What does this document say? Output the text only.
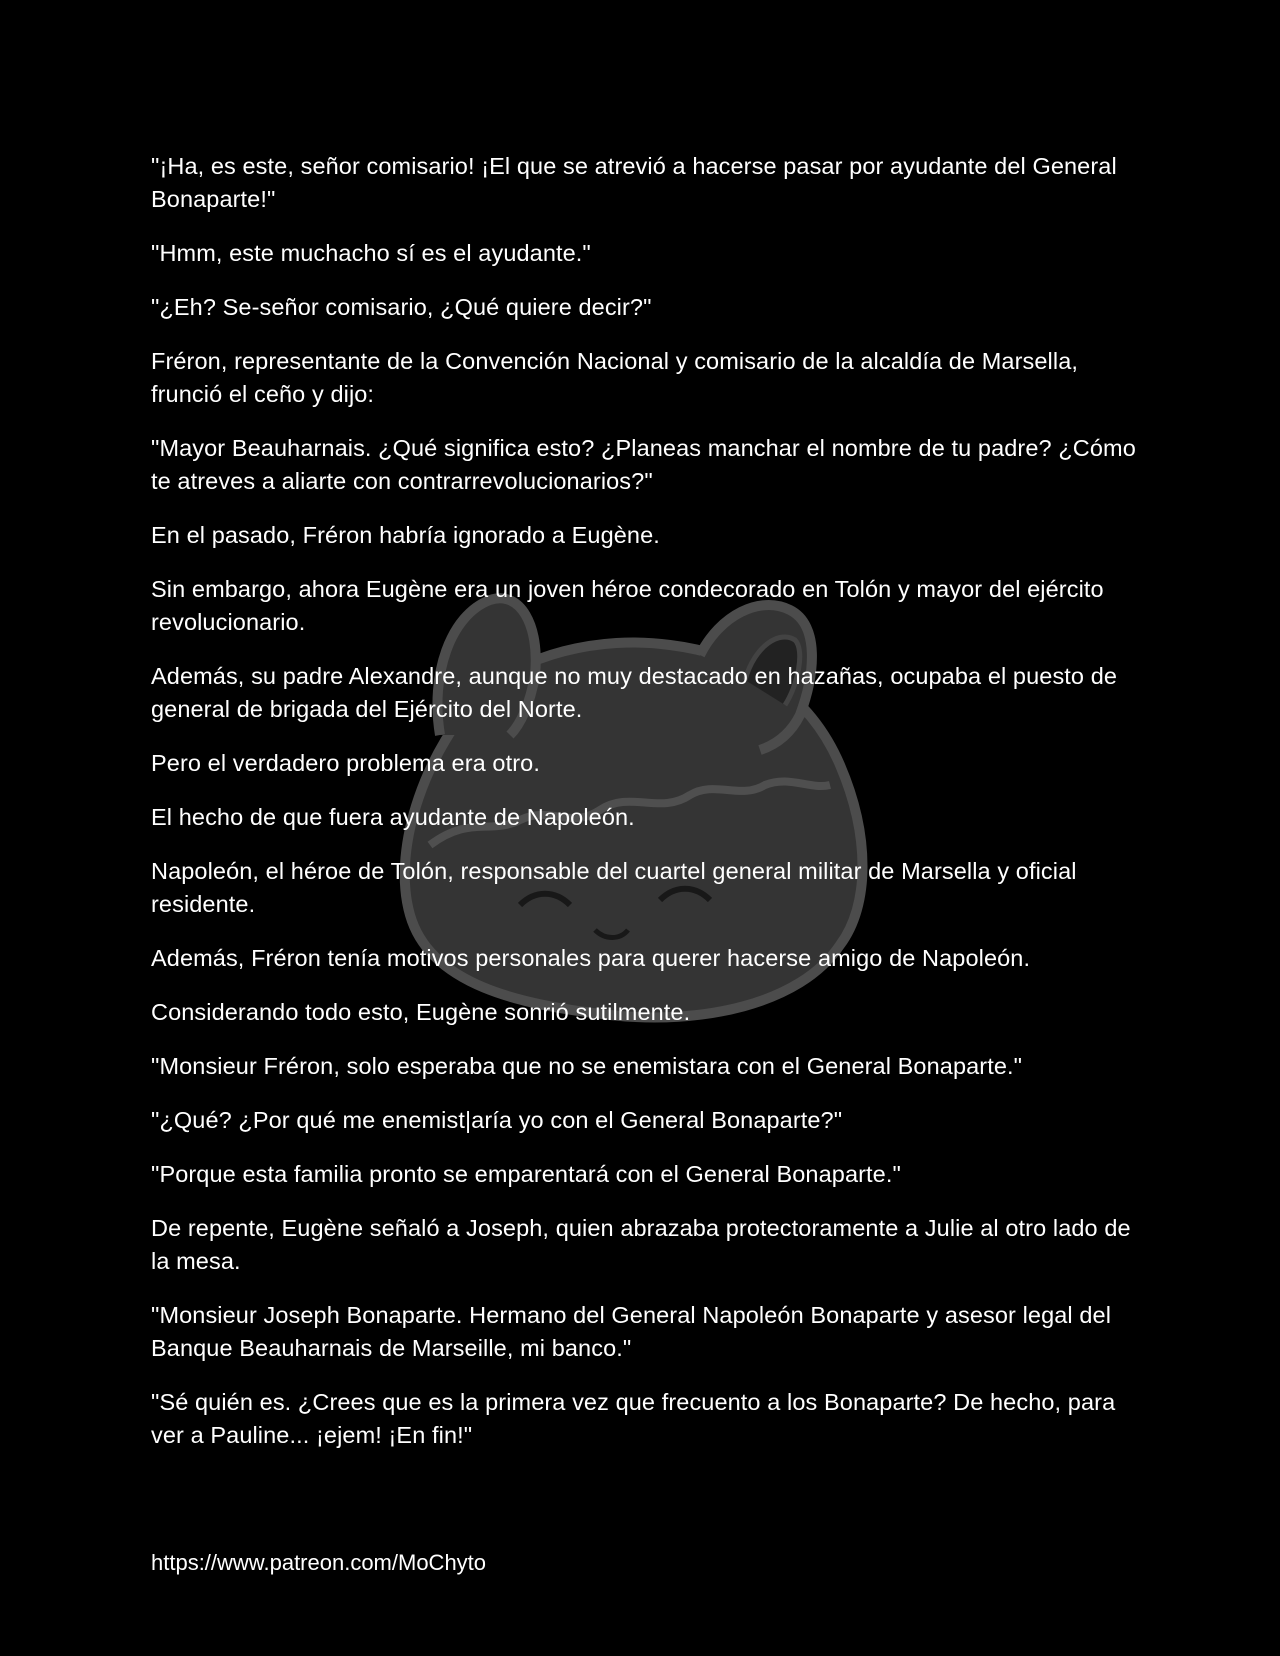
"¡Ha, es este, señor comisario! ¡El que se atrevió a hacerse pasar por ayudante del General Bonaparte!"

"Hmm, este muchacho sí es el ayudante."

"¿Eh? Se-señor comisario, ¿Qué quiere decir?"

Fréron, representante de la Convención Nacional y comisario de la alcaldía de Marsella, frunció el ceño y dijo:

"Mayor Beauharnais. ¿Qué significa esto? ¿Planeas manchar el nombre de tu padre? ¿Cómo te atreves a aliarte con contrarrevolucionarios?"

En el pasado, Fréron habría ignorado a Eugène.

Sin embargo, ahora Eugène era un joven héroe condecorado en Tolón y mayor del ejército revolucionario.

Además, su padre Alexandre, aunque no muy destacado en hazañas, ocupaba el puesto de general de brigada del Ejército del Norte.

Pero el verdadero problema era otro.

El hecho de que fuera ayudante de Napoleón.

Napoleón, el héroe de Tolón, responsable del cuartel general militar de Marsella y oficial residente.

Además, Fréron tenía motivos personales para querer hacerse amigo de Napoleón.

Considerando todo esto, Eugène sonrió sutilmente.

"Monsieur Fréron, solo esperaba que no se enemistara con el General Bonaparte."

"¿Qué? ¿Por qué me enemist|aría yo con el General Bonaparte?"

"Porque esta familia pronto se emparentará con el General Bonaparte."

De repente, Eugène señaló a Joseph, quien abrazaba protectoramente a Julie al otro lado de la mesa.

"Monsieur Joseph Bonaparte. Hermano del General Napoleón Bonaparte y asesor legal del Banque Beauharnais de Marseille, mi banco."

"Sé quién es. ¿Crees que es la primera vez que frecuento a los Bonaparte? De hecho, para ver a Pauline... ¡ejem! ¡En fin!"

https://www.patreon.com/MoChyto
